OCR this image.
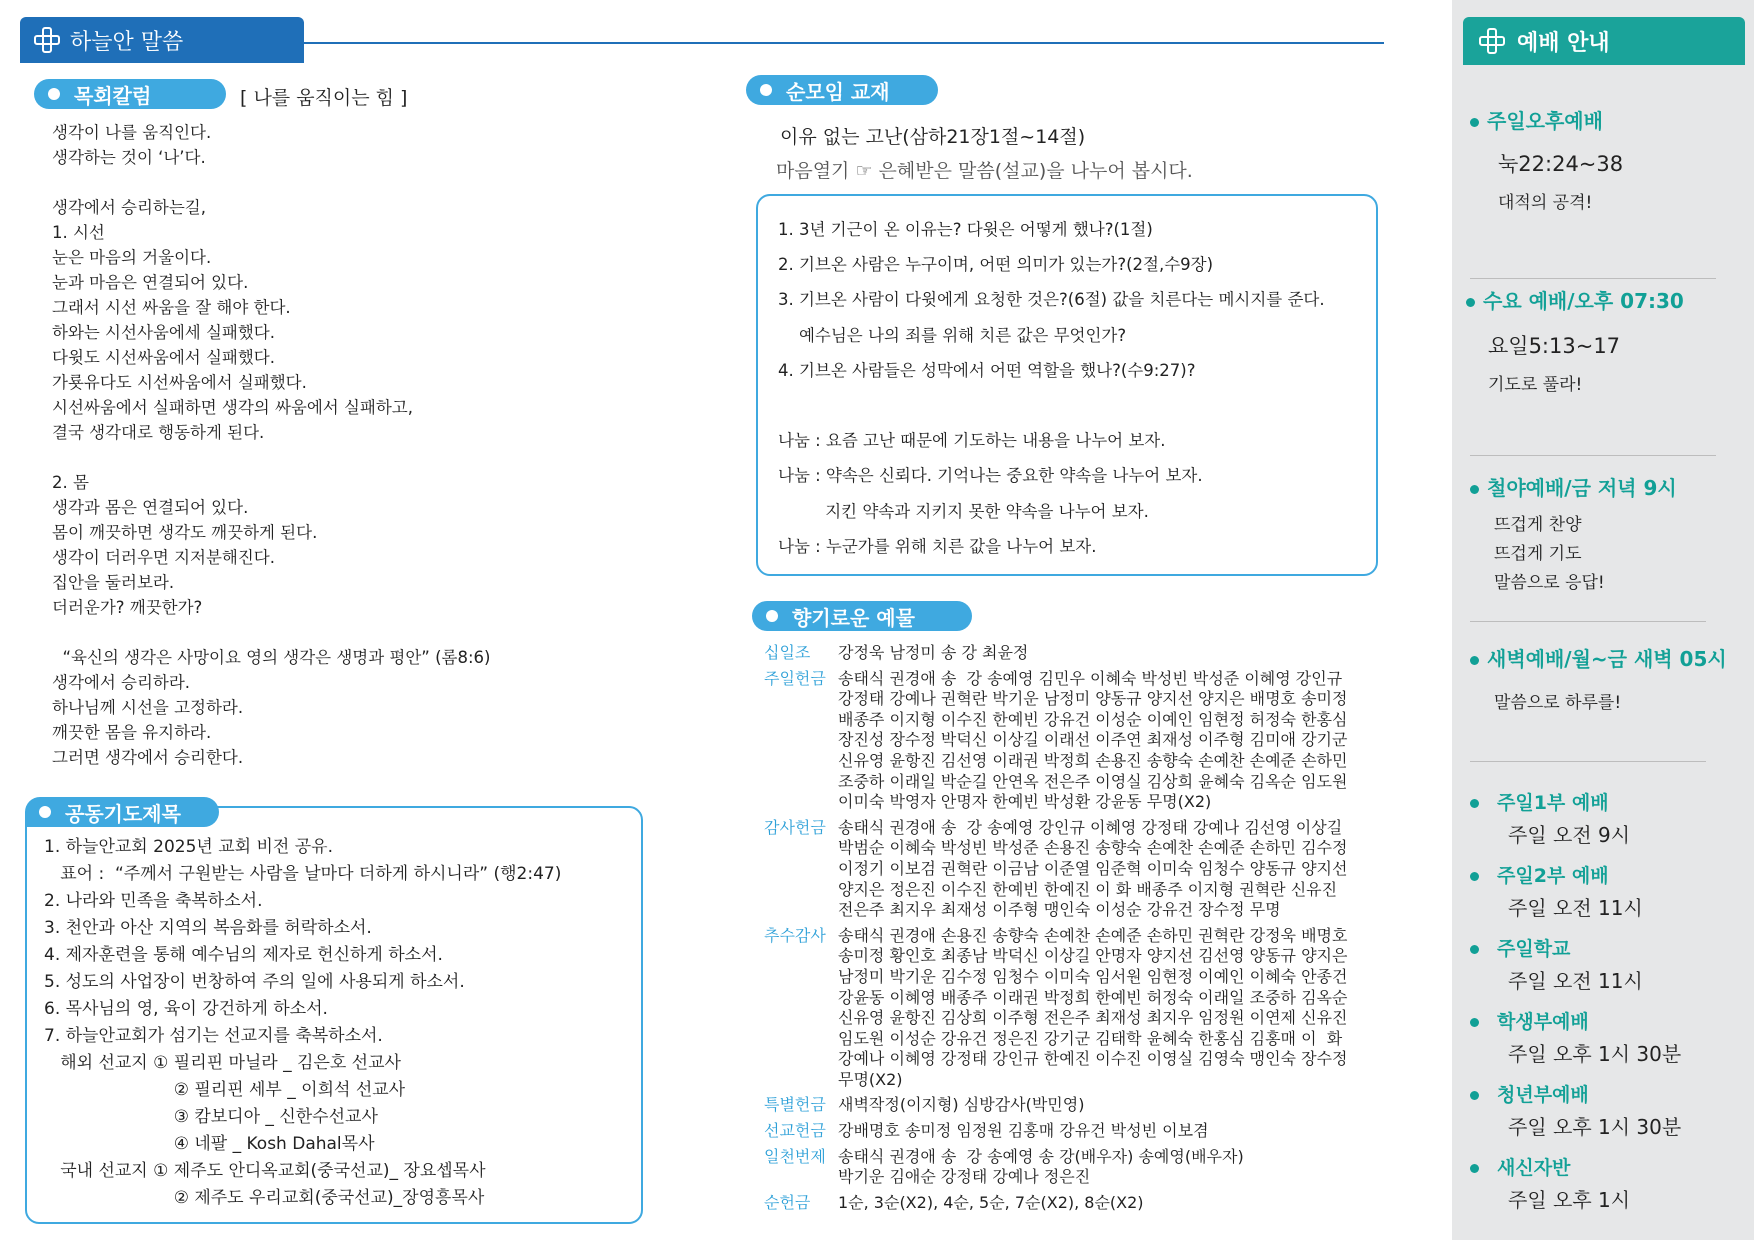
하늘안 말씀
목회칼럼	[ 나를 움직이는 힘 ]
생각이 나를 움직인다.
생각하는 것이 ‘나’다.
생각에서 승리하는길,
1. 시선
눈은 마음의 거울이다.
눈과 마음은 연결되어 있다.
그래서 시선 싸움을 잘 해야 한다.
하와는 시선사움에세 실패했다.
다윗도 시선싸움에서 실패했다.
가룟유다도 시선싸움에서 실패했다.
시선싸움에서 실패하면 생각의 싸움에서 실패하고,
결국 생각대로 행동하게 된다.
2. 몸
생각과 몸은 연결되어 있다.
몸이 깨끗하면 생각도 깨끗하게 된다.
생각이 더러우면 지저분해진다.
집안을 둘러보라.
더러운가? 깨끗한가?
“육신의 생각은 사망이요 영의 생각은 생명과 평안” (롬8:6)
생각에서 승리하라.
하나님께 시선을 고정하라.
깨끗한 몸을 유지하라.
그러면 생각에서 승리한다.
공동기도제목
1. 하늘안교회 2025년 교회 비전 공유.
표어 :  “주께서 구원받는 사람을 날마다 더하게 하시니라” (행2:47)
2. 나라와 민족을 축복하소서.
3. 천안과 아산 지역의 복음화를 허락하소서.
4. 제자훈련을 통해 예수님의 제자로 헌신하게 하소서.
5. 성도의 사업장이 번창하여 주의 일에 사용되게 하소서.
6. 목사님의 영, 육이 강건하게 하소서.
7. 하늘안교회가 섬기는 선교지를 축복하소서.
해외 선교지 ① 필리핀 마닐라 _ 김은호 선교사
② 필리핀 세부 _ 이희석 선교사
③ 캄보디아 _ 신한수선교사
④ 네팔 _ Kosh Dahal목사
국내 선교지 ① 제주도 안디옥교회(중국선교)_ 장요셉목사
② 제주도 우리교회(중국선교)_장영흥목사
순모임 교재
이유 없는 고난(삼하21장1절~14절)
마음열기 ☞ 은혜받은 말씀(설교)을 나누어 봅시다.
1. 3년 기근이 온 이유는? 다윗은 어떻게 했나?(1절)
2. 기브온 사람은 누구이며, 어떤 의미가 있는가?(2절,수9장)
3. 기브온 사람이 다윗에게 요청한 것은?(6절) 값을 치른다는 메시지를 준다.
예수님은 나의 죄를 위해 치른 값은 무엇인가?
4. 기브온 사람들은 성막에서 어떤 역할을 했나?(수9:27)?
나눔 : 요즘 고난 때문에 기도하는 내용을 나누어 보자.
나눔 : 약속은 신뢰다. 기억나는 중요한 약속을 나누어 보자.
지킨 약속과 지키지 못한 약속을 나누어 보자.
나눔 : 누군가를 위해 치른 값을 나누어 보자.
향기로운 예물
십일조	강정욱 남정미 송 강 최윤정
주일헌금 송태식 권경애 송  강 송예영 김민우 이혜숙 박성빈 박성준 이혜영 강인규
강정태 강예나 권혁란 박기운 남정미 양동규 양지선 양지은 배명호 송미정
배종주 이지형 이수진 한예빈 강유건 이성순 이예인 임현정 허정숙 한홍심
장진성 장수정 박덕신 이상길 이래선 이주연 최재성 이주형 김미애 강기군
신유영 윤항진 김선영 이래권 박정희 손용진 송향숙 손예찬 손예준 손하민
조중하 이래일 박순길 안연옥 전은주 이영실 김상희 윤혜숙 김옥순 임도원
이미숙 박영자 안명자 한예빈 박성환 강윤동 무명(X2)
감사헌금 송태식 권경애 송  강 송예영 강인규 이혜영 강정태 강예나 김선영 이상길
박범순 이혜숙 박성빈 박성준 손용진 송향숙 손예찬 손예준 손하민 김수정
이정기 이보검 권혁란 이금남 이준열 임준혁 이미숙 임청수 양동규 양지선
양지은 정은진 이수진 한예빈 한예진 이 화 배종주 이지형 권혁란 신유진
전은주 최지우 최재성 이주형 맹인숙 이성순 강유건 장수정 무명
추수감사 송태식 권경애 손용진 송향숙 손예찬 손예준 손하민 권혁란 강정욱 배명호
송미정 황인호 최종남 박덕신 이상길 안명자 양지선 김선영 양동규 양지은
남정미 박기운 김수정 임청수 이미숙 임서원 임현정 이예인 이혜숙 안종건
강윤동 이혜영 배종주 이래권 박정희 한예빈 허정숙 이래일 조중하 김옥순
신유영 윤항진 김상희 이주형 전은주 최재성 최지우 임정원 이연제 신유진
임도원 이성순 강유건 정은진 강기군 김태학 윤혜숙 한홍심 김홍매 이  화
강예나 이혜영 강정태 강인규 한예진 이수진 이영실 김영숙 맹인숙 장수정
무명(X2)
특별헌금 새벽작정(이지형) 심방감사(박민영)
선교헌금 강배명호 송미정 임정원 김홍매 강유건 박성빈 이보겸
일천번제 송태식 권경애 송  강 송예영 송 강(배우자) 송예영(배우자)
박기운 김애순 강정태 강예나 정은진
순헌금	1순, 3순(X2), 4순, 5순, 7순(X2), 8순(X2)
예배 안내
주일오후예배
눅22:24~38
대적의 공격!
수요 예배/오후 07:30
요일5:13~17
기도로 풀라!
철야예배/금 저녁 9시
뜨겁게 찬양
뜨겁게 기도
말씀으로 응답!
새벽예배/월~금 새벽 05시
말씀으로 하루를!
주일1부 예배
주일 오전 9시
주일2부 예배
주일 오전 11시
주일학교
주일 오전 11시
학생부예배
주일 오후 1시 30분
청년부예배
주일 오후 1시 30분
새신자반
주일 오후 1시
